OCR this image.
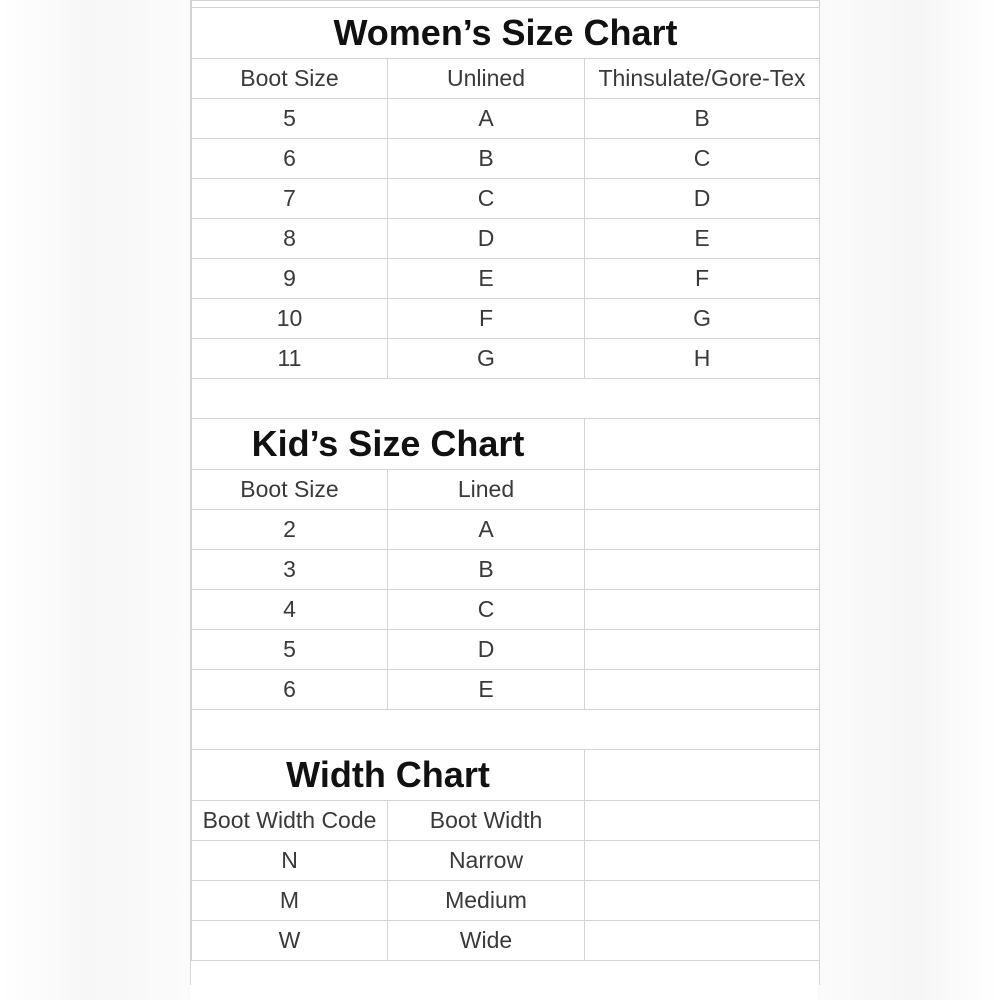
Women’s Size Chart		
Boot Size	Unlined	Thinsulate/Gore-Tex
5	A	B
6	B	C
7	C	D
8	D	E
9	E	F
10	F	G
11	G	H

Kid’s Size Chart		
Boot Size	Lined	
2	A	
3	B	
4	C	
5	D	
6	E	

Width Chart		
Boot Width Code	Boot Width	
N	Narrow	
M	Medium	
W	Wide	
